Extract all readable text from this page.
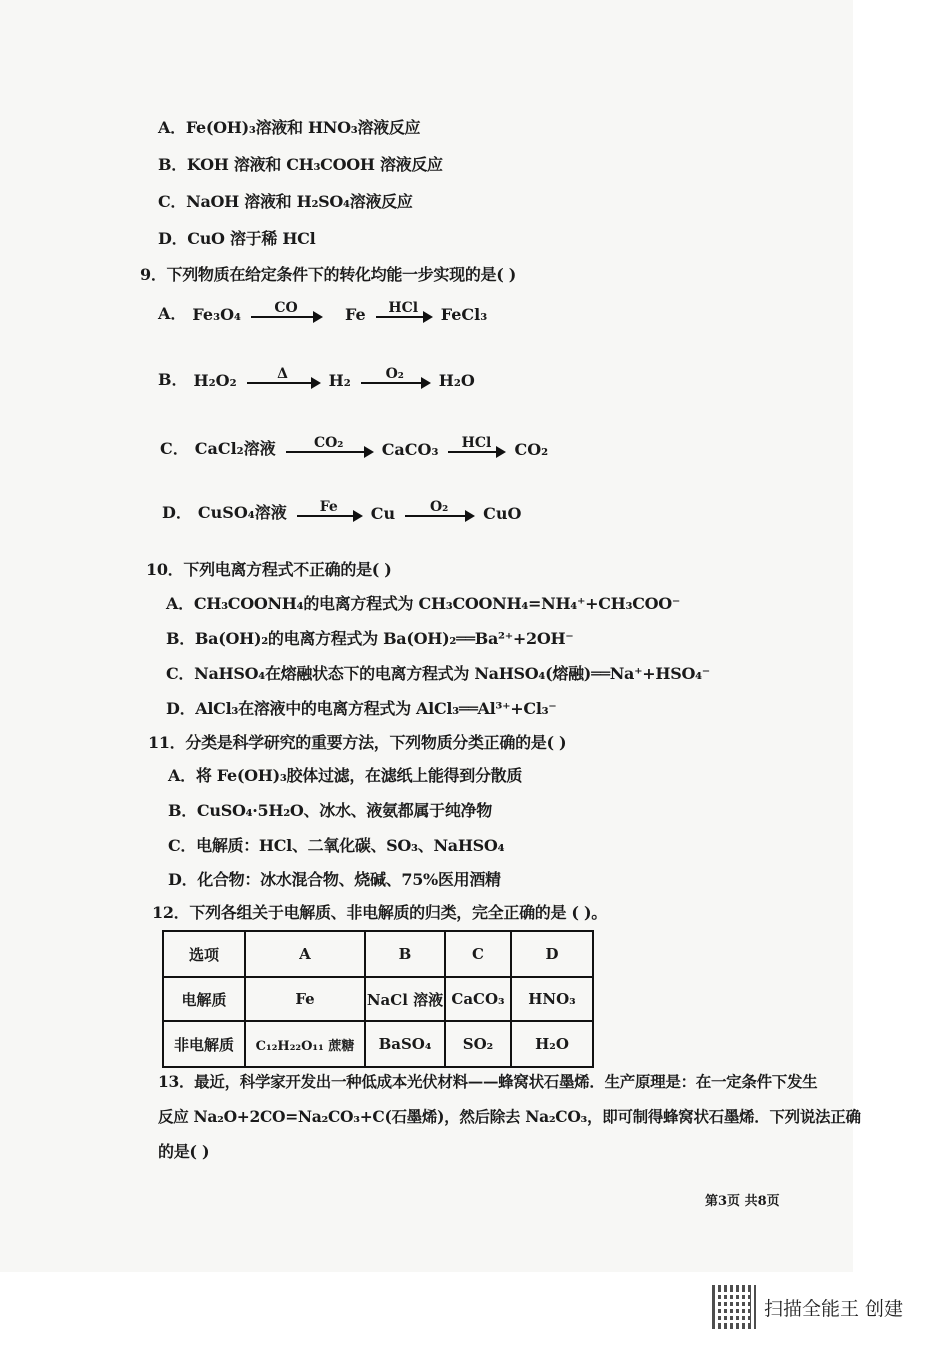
A．Fe(OH)₃溶液和 HNO₃溶液反应
B．KOH 溶液和 CH₃COOH 溶液反应
C．NaOH 溶液和 H₂SO₄溶液反应
D．CuO 溶于稀 HCl
9．下列物质在给定条件下的转化均能一步实现的是( )
A． Fe₃O₄ CO	Fe HCl FeCl₃
B． H₂O₂	Δ	H₂ O₂ H₂O
C． CaCl₂溶液	CO₂ CaCO₃ HCl CO₂
D． CuSO₄溶液 Fe Cu O₂ CuO
10．下列电离方程式不正确的是( )
A．CH₃COONH₄的电离方程式为 CH₃COONH₄=NH₄⁺+CH₃COO⁻
B．Ba(OH)₂的电离方程式为 Ba(OH)₂══Ba²⁺+2OH⁻
C．NaHSO₄在熔融状态下的电离方程式为 NaHSO₄(熔融)══Na⁺+HSO₄⁻
D．AlCl₃在溶液中的电离方程式为 AlCl₃══Al³⁺+Cl₃⁻
11．分类是科学研究的重要方法，下列物质分类正确的是( )
A．将 Fe(OH)₃胶体过滤，在滤纸上能得到分散质
B．CuSO₄·5H₂O、冰水、液氨都属于纯净物
C．电解质：HCl、二氧化碳、SO₃、NaHSO₄
D．化合物：冰水混合物、烧碱、75%医用酒精
12．下列各组关于电解质、非电解质的归类，完全正确的是 ( )。
选项	A	B	C	D
电解质	Fe	NaCl 溶液	CaCO₃	HNO₃
非电解质	C₁₂H₂₂O₁₁ 蔗糖	BaSO₄	SO₂	H₂O
13．最近，科学家开发出一种低成本光伏材料——蜂窝状石墨烯．生产原理是：在一定条件下发生
反应 Na₂O+2CO=Na₂CO₃+C(石墨烯)，然后除去 Na₂CO₃，即可制得蜂窝状石墨烯．下列说法正确
的是( )
第3页 共8页
扫描全能王 创建
